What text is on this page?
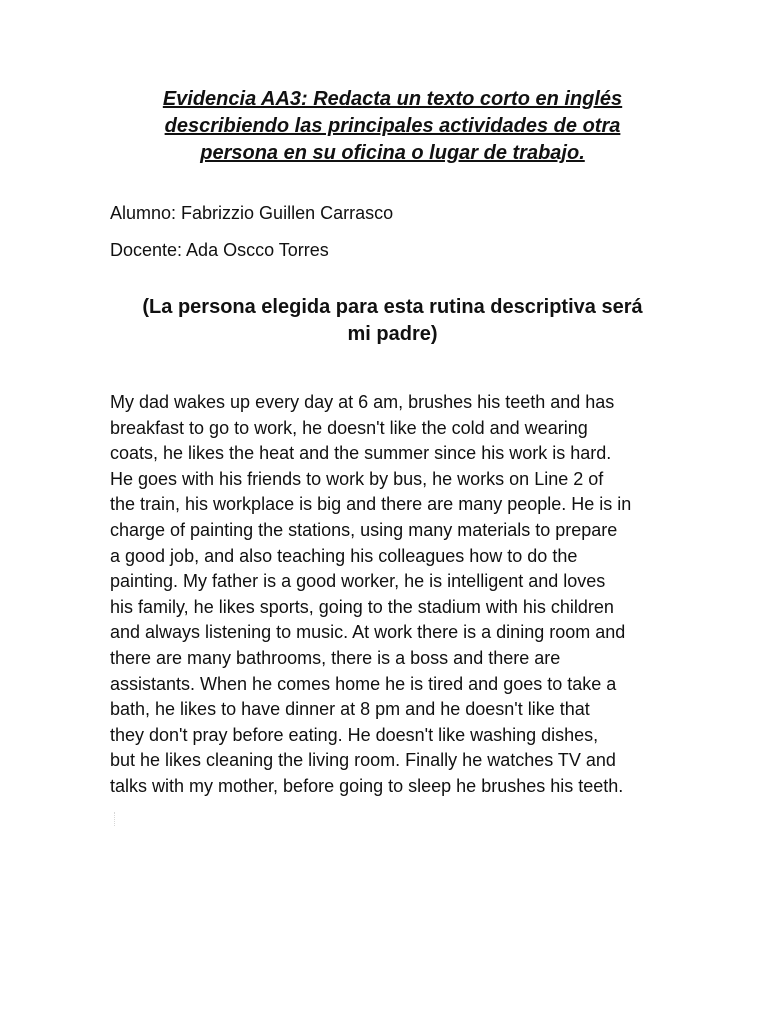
Evidencia AA3: Redacta un texto corto en inglés
describiendo las principales actividades de otra
persona en su oficina o lugar de trabajo.

Alumno: Fabrizzio Guillen Carrasco

Docente: Ada Oscco Torres

(La persona elegida para esta rutina descriptiva será
mi padre)

My dad wakes up every day at 6 am, brushes his teeth and has
breakfast to go to work, he doesn't like the cold and wearing
coats, he likes the heat and the summer since his work is hard.
He goes with his friends to work by bus, he works on Line 2 of
the train, his workplace is big and there are many people. He is in
charge of painting the stations, using many materials to prepare
a good job, and also teaching his colleagues how to do the
painting. My father is a good worker, he is intelligent and loves
his family, he likes sports, going to the stadium with his children
and always listening to music. At work there is a dining room and
there are many bathrooms, there is a boss and there are
assistants. When he comes home he is tired and goes to take a
bath, he likes to have dinner at 8 pm and he doesn't like that
they don't pray before eating. He doesn't like washing dishes,
but he likes cleaning the living room. Finally he watches TV and
talks with my mother, before going to sleep he brushes his teeth.
